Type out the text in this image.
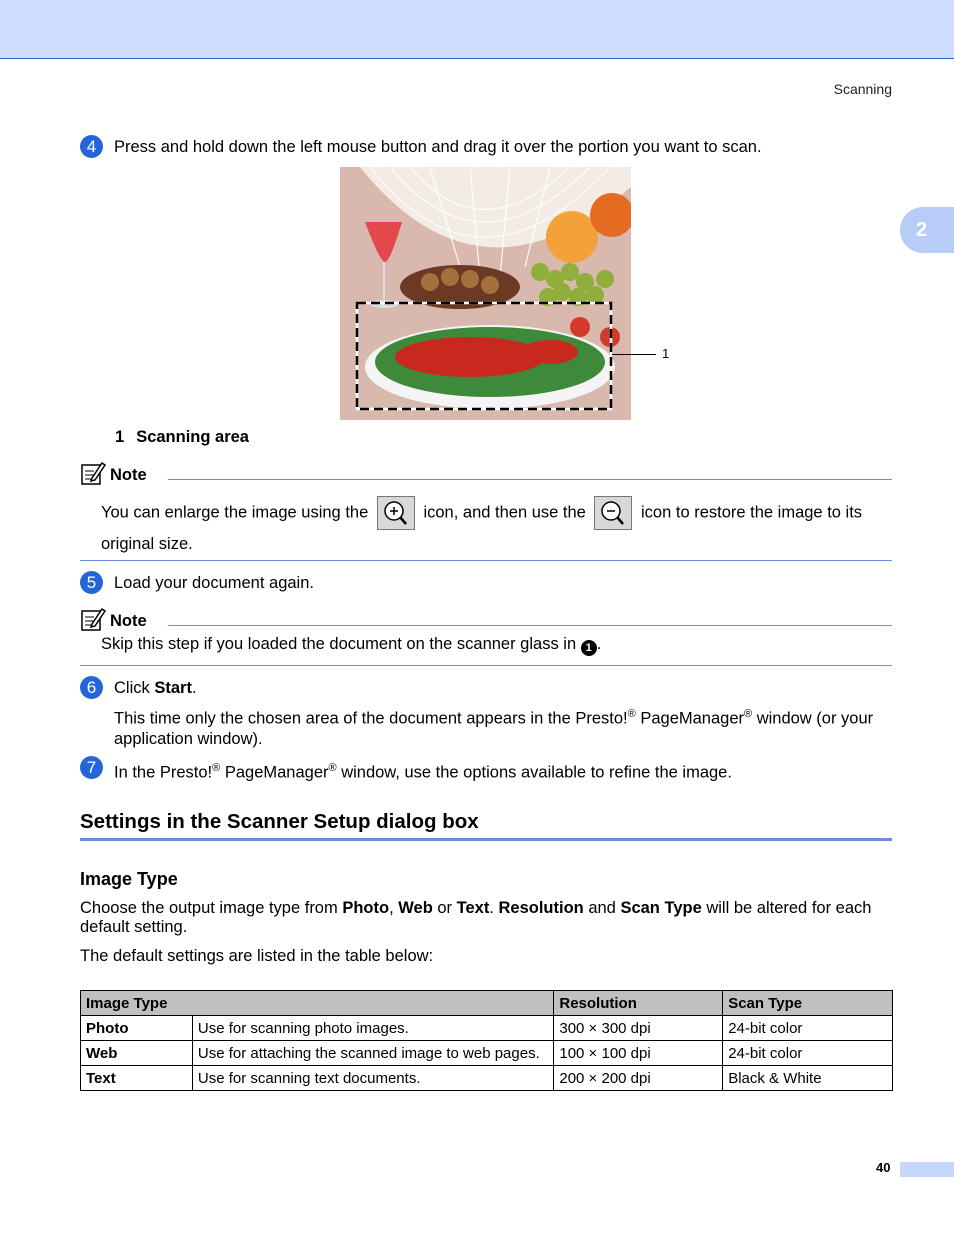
Scanning
2
4	Press and hold down the left mouse button and drag it over the portion you want to scan.
1
1 Scanning area
Note
You can enlarge the image using the	icon, and then use the	icon to restore the image to its original size.
5	Load your document again.
Note
Skip this step if you loaded the document on the scanner glass in 1 .
6	Click Start.
This time only the chosen area of the document appears in the Presto!® PageManager® window (or your application window).
7	In the Presto!® PageManager® window, use the options available to refine the image.
Settings in the Scanner Setup dialog box
Image Type
Choose the output image type from Photo, Web or Text. Resolution and Scan Type will be altered for each default setting.
The default settings are listed in the table below:
Image Type		Resolution	Scan Type
Photo	Use for scanning photo images.	300 × 300 dpi	24-bit color
Web	Use for attaching the scanned image to web pages.	100 × 100 dpi	24-bit color
Text	Use for scanning text documents.	200 × 200 dpi	Black & White
40
